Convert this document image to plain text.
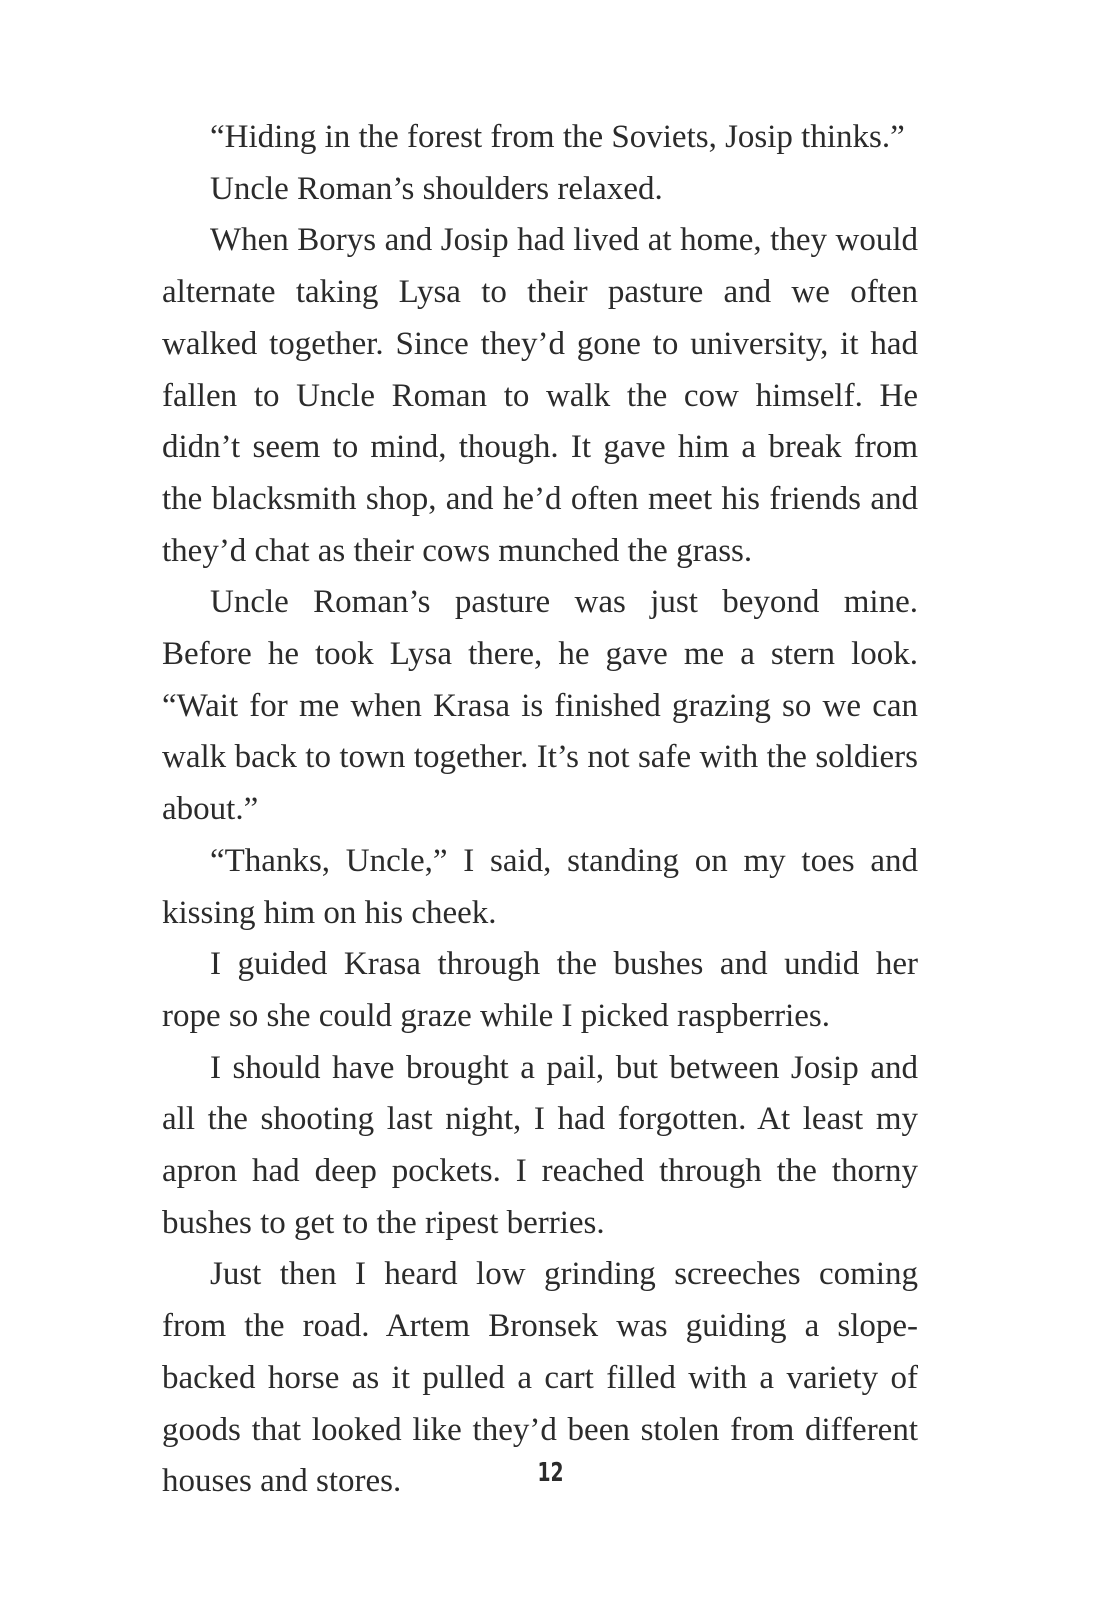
“Hiding in the forest from the Soviets, Josip thinks.”

Uncle Roman’s shoulders relaxed.

When Borys and Josip had lived at home, they would alternate taking Lysa to their pasture and we often walked together. Since they’d gone to university, it had fallen to Uncle Roman to walk the cow himself. He didn’t seem to mind, though. It gave him a break from the blacksmith shop, and he’d often meet his friends and they’d chat as their cows munched the grass.

Uncle Roman’s pasture was just beyond mine. Before he took Lysa there, he gave me a stern look. “Wait for me when Krasa is finished grazing so we can walk back to town together. It’s not safe with the soldiers about.”

“Thanks, Uncle,” I said, standing on my toes and kissing him on his cheek.

I guided Krasa through the bushes and undid her rope so she could graze while I picked raspberries.

I should have brought a pail, but between Josip and all the shooting last night, I had forgotten. At least my apron had deep pockets. I reached through the thorny bushes to get to the ripest berries.

Just then I heard low grinding screeches coming from the road. Artem Bronsek was guiding a slope-backed horse as it pulled a cart filled with a variety of goods that looked like they’d been stolen from different houses and stores.	12
